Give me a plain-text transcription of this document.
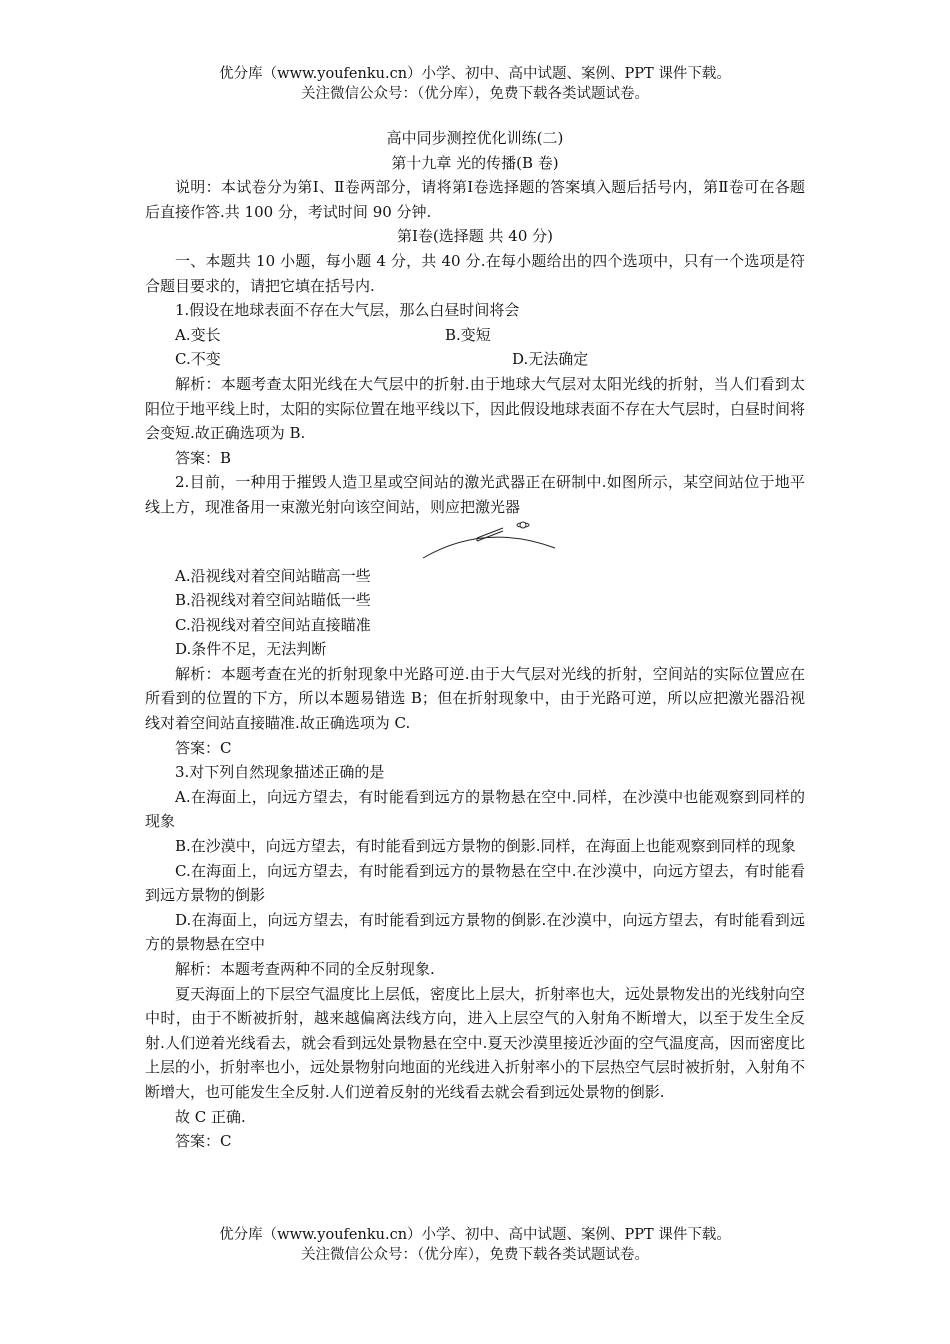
优分库（www.youfenku.cn）小学、初中、高中试题、案例、PPT 课件下载。
关注微信公众号：（优分库），免费下载各类试题试卷。
高中同步测控优化训练(二)
第十九章 光的传播(B 卷)

说明：本试卷分为第Ⅰ、Ⅱ卷两部分，请将第Ⅰ卷选择题的答案填入题后括号内，第Ⅱ卷可在各题后直接作答.共 100 分，考试时间 90 分钟.

第Ⅰ卷(选择题 共 40 分)

一、本题共 10 小题，每小题 4 分，共 40 分.在每小题给出的四个选项中，只有一个选项是符合题目要求的，请把它填在括号内.

1.假设在地球表面不存在大气层，那么白昼时间将会

A.变长	B.变短
C.不变	D.无法确定

解析：本题考查太阳光线在大气层中的折射.由于地球大气层对太阳光线的折射，当人们看到太阳位于地平线上时，太阳的实际位置在地平线以下，因此假设地球表面不存在大气层时，白昼时间将会变短.故正确选项为 B.

答案：B

2.目前，一种用于摧毁人造卫星或空间站的激光武器正在研制中.如图所示，某空间站位于地平线上方，现准备用一束激光射向该空间站，则应把激光器

A.沿视线对着空间站瞄高一些

B.沿视线对着空间站瞄低一些

C.沿视线对着空间站直接瞄准

D.条件不足，无法判断

解析：本题考查在光的折射现象中光路可逆.由于大气层对光线的折射，空间站的实际位置应在所看到的位置的下方，所以本题易错选 B；但在折射现象中，由于光路可逆，所以应把激光器沿视线对着空间站直接瞄准.故正确选项为 C.

答案：C

3.对下列自然现象描述正确的是

A.在海面上，向远方望去，有时能看到远方的景物悬在空中.同样，在沙漠中也能观察到同样的现象

B.在沙漠中，向远方望去，有时能看到远方景物的倒影.同样，在海面上也能观察到同样的现象

C.在海面上，向远方望去，有时能看到远方的景物悬在空中.在沙漠中，向远方望去，有时能看到远方景物的倒影

D.在海面上，向远方望去，有时能看到远方景物的倒影.在沙漠中，向远方望去，有时能看到远方的景物悬在空中

解析：本题考查两种不同的全反射现象.

夏天海面上的下层空气温度比上层低，密度比上层大，折射率也大，远处景物发出的光线射向空中时，由于不断被折射，越来越偏离法线方向，进入上层空气的入射角不断增大，以至于发生全反射.人们逆着光线看去，就会看到远处景物悬在空中.夏天沙漠里接近沙面的空气温度高，因而密度比上层的小，折射率也小，远处景物射向地面的光线进入折射率小的下层热空气层时被折射，入射角不断增大，也可能发生全反射.人们逆着反射的光线看去就会看到远处景物的倒影.

故 C 正确.

答案：C

优分库（www.youfenku.cn）小学、初中、高中试题、案例、PPT 课件下载。
关注微信公众号：（优分库），免费下载各类试题试卷。
